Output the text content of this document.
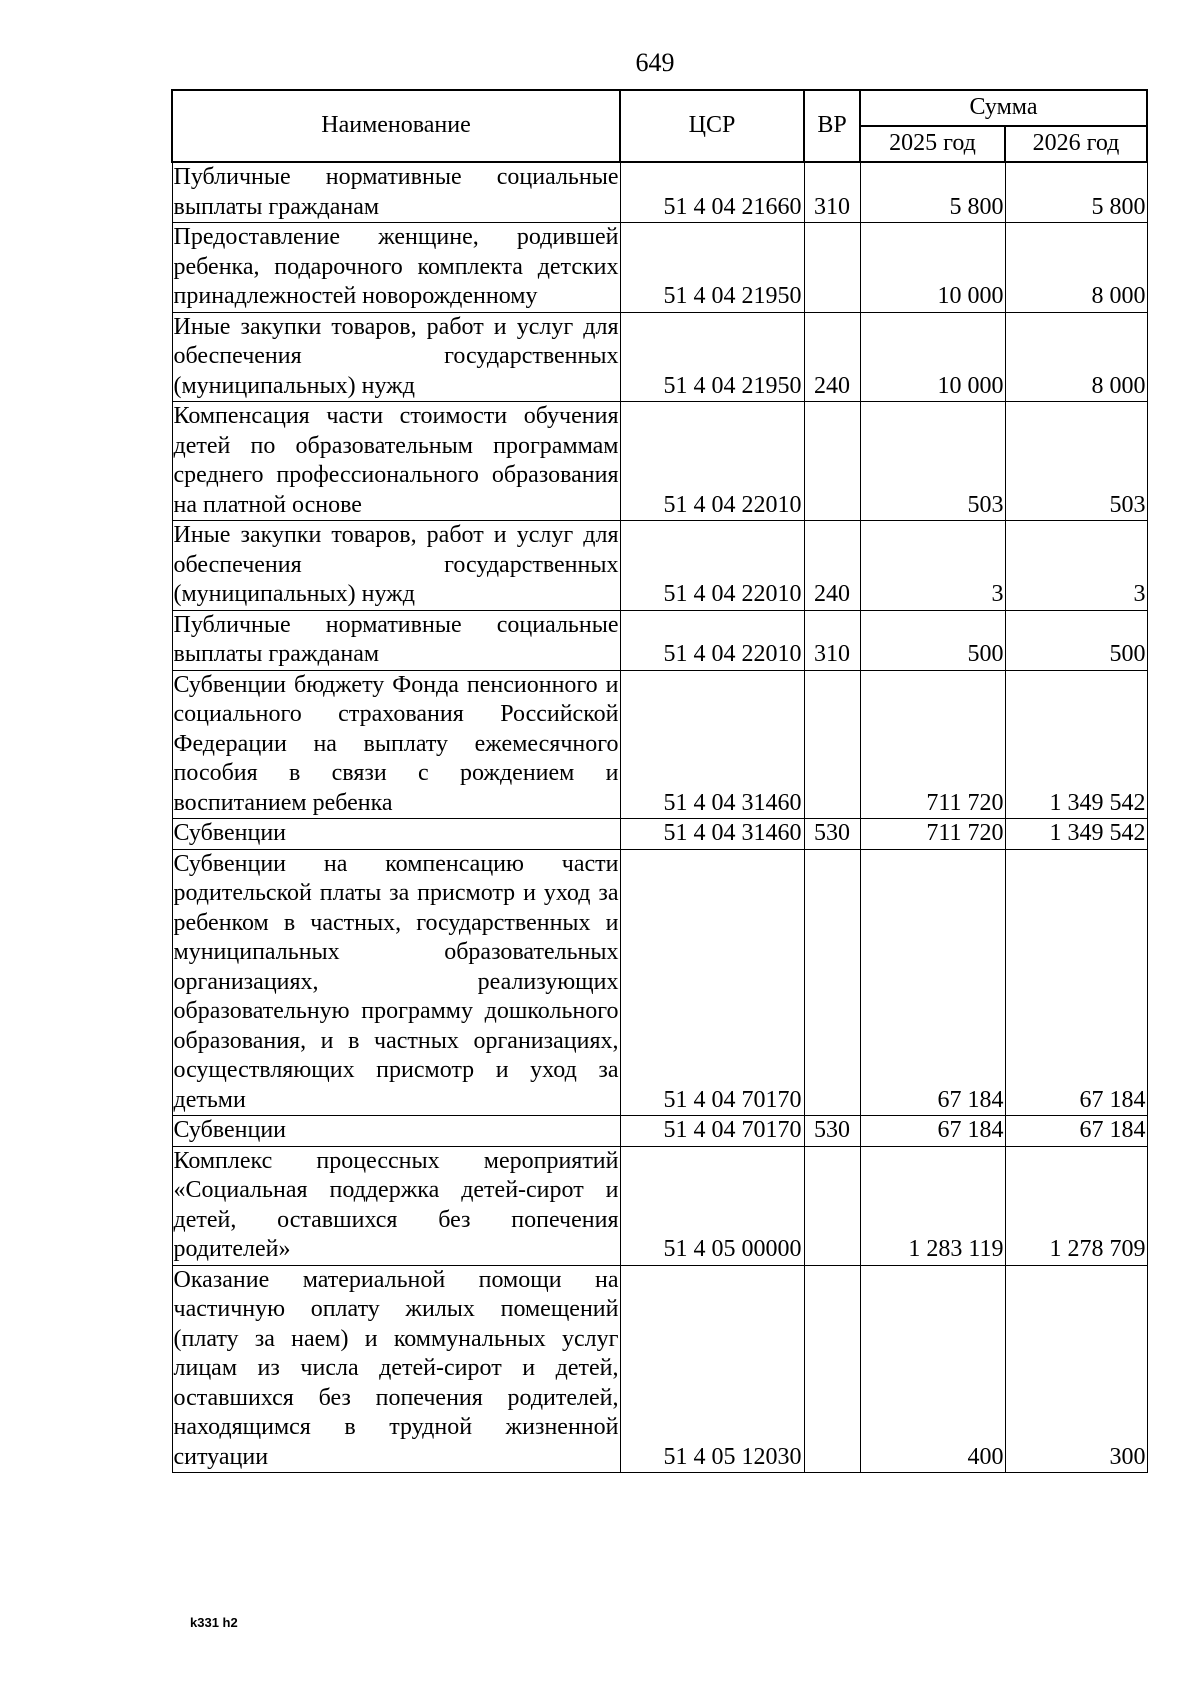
649
Наименование	ЦСР	ВР	Сумма	
			2025 год	2026 год
Публичные нормативные социальные выплаты гражданам	51 4 04 21660	310	5 800	5 800
Предоставление женщине, родившей ребенка, подарочного комплекта детских принадлежностей новорожденному	51 4 04 21950		10 000	8 000
Иные закупки товаров, работ и услуг для обеспечения государственных (муниципальных) нужд	51 4 04 21950	240	10 000	8 000
Компенсация части стоимости обучения детей по образовательным программам среднего профессионального образования на платной основе	51 4 04 22010		503	503
Иные закупки товаров, работ и услуг для обеспечения государственных (муниципальных) нужд	51 4 04 22010	240	3	3
Публичные нормативные социальные выплаты гражданам	51 4 04 22010	310	500	500
Субвенции бюджету Фонда пенсионного и социального страхования Российской Федерации на выплату ежемесячного пособия в связи с рождением и воспитанием ребенка	51 4 04 31460		711 720	1 349 542
Субвенции	51 4 04 31460	530	711 720	1 349 542
Субвенции на компенсацию части родительской платы за присмотр и уход за ребенком в частных, государственных и муниципальных образовательных организациях, реализующих образовательную программу дошкольного образования, и в частных организациях, осуществляющих присмотр и уход за детьми	51 4 04 70170		67 184	67 184
Субвенции	51 4 04 70170	530	67 184	67 184
Комплекс процессных мероприятий «Социальная поддержка детей-сирот и детей, оставшихся без попечения родителей»	51 4 05 00000		1 283 119	1 278 709
Оказание материальной помощи на частичную оплату жилых помещений (плату за наем) и коммунальных услуг лицам из числа детей-сирот и детей, оставшихся без попечения родителей, находящимся в трудной жизненной ситуации	51 4 05 12030		400	300
k331 h2
